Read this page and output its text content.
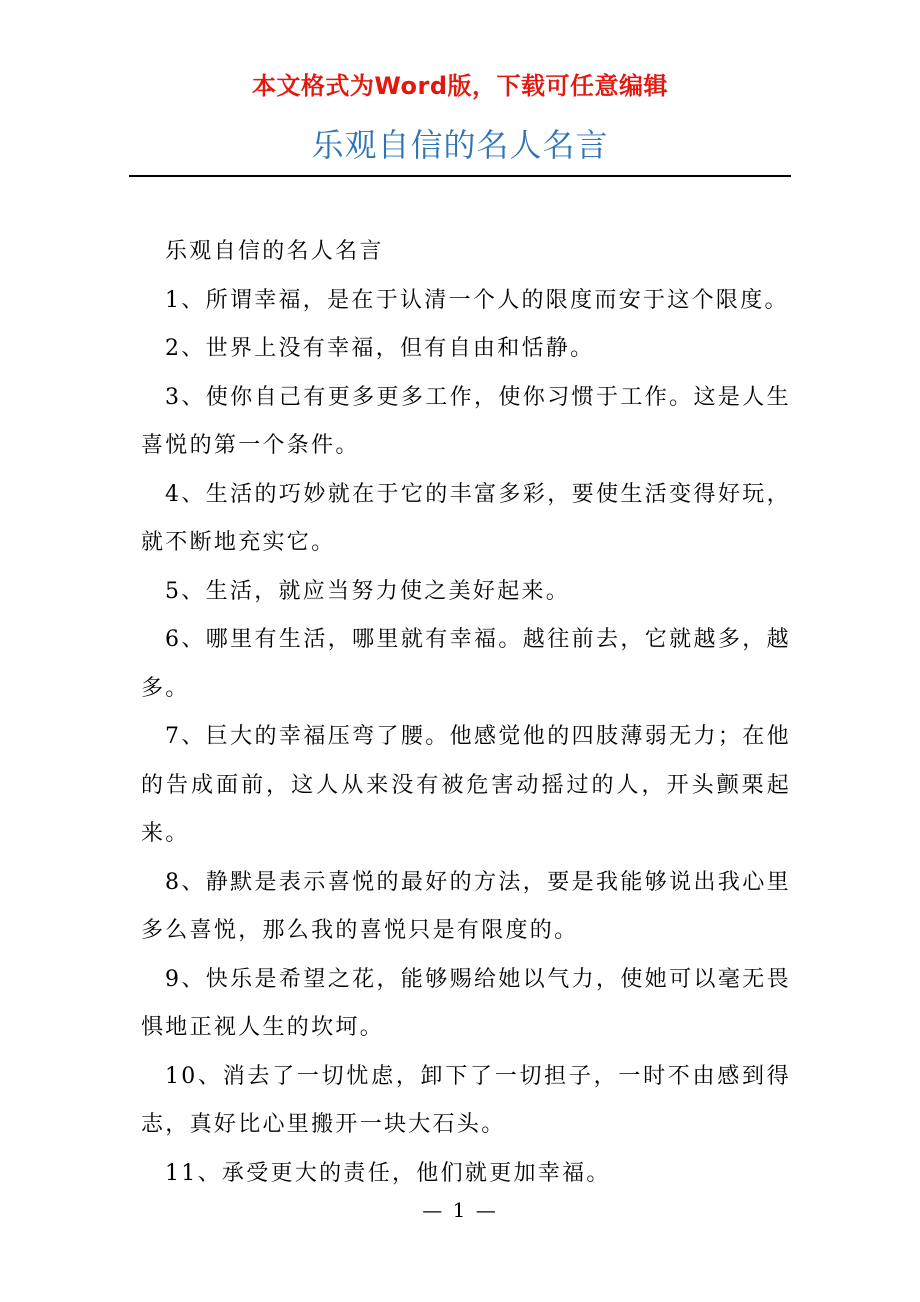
本文格式为Word版，下载可任意编辑
乐观自信的名人名言

乐观自信的名人名言

1、所谓幸福，是在于认清一个人的限度而安于这个限度。

2、世界上没有幸福，但有自由和恬静。

3、使你自己有更多更多工作，使你习惯于工作。这是人生喜悦的第一个条件。

4、生活的巧妙就在于它的丰富多彩，要使生活变得好玩，就不断地充实它。

5、生活，就应当努力使之美好起来。

6、哪里有生活，哪里就有幸福。越往前去，它就越多，越多。

7、巨大的幸福压弯了腰。他感觉他的四肢薄弱无力；在他的告成面前，这人从来没有被危害动摇过的人，开头颤栗起来。

8、静默是表示喜悦的最好的方法，要是我能够说出我心里多么喜悦，那么我的喜悦只是有限度的。

9、快乐是希望之花，能够赐给她以气力，使她可以毫无畏惧地正视人生的坎坷。

10、消去了一切忧虑，卸下了一切担子，一时不由感到得志，真好比心里搬开一块大石头。

11、承受更大的责任，他们就更加幸福。

— 1 —
